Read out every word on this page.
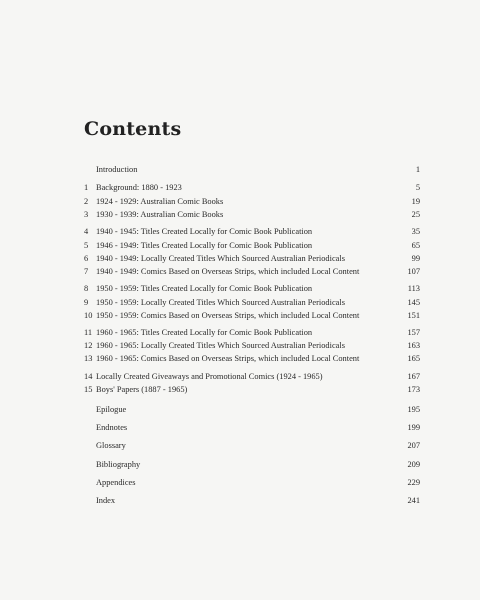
Contents
Introduction	1
1 Background: 1880 - 1923	5
2 1924 - 1929: Australian Comic Books	19
3 1930 - 1939: Australian Comic Books	25
4 1940 - 1945: Titles Created Locally for Comic Book Publication	35
5 1946 - 1949: Titles Created Locally for Comic Book Publication	65
6 1940 - 1949: Locally Created Titles Which Sourced Australian Periodicals	99
7 1940 - 1949: Comics Based on Overseas Strips, which included Local Content	107
8 1950 - 1959: Titles Created Locally for Comic Book Publication	113
9 1950 - 1959: Locally Created Titles Which Sourced Australian Periodicals	145
10 1950 - 1959: Comics Based on Overseas Strips, which included Local Content	151
11 1960 - 1965: Titles Created Locally for Comic Book Publication	157
12 1960 - 1965: Locally Created Titles Which Sourced Australian Periodicals	163
13 1960 - 1965: Comics Based on Overseas Strips, which included Local Content	165
14 Locally Created Giveaways and Promotional Comics (1924 - 1965)	167
15 Boys' Papers (1887 - 1965)	173
Epilogue	195
Endnotes	199
Glossary	207
Bibliography	209
Appendices	229
Index	241
